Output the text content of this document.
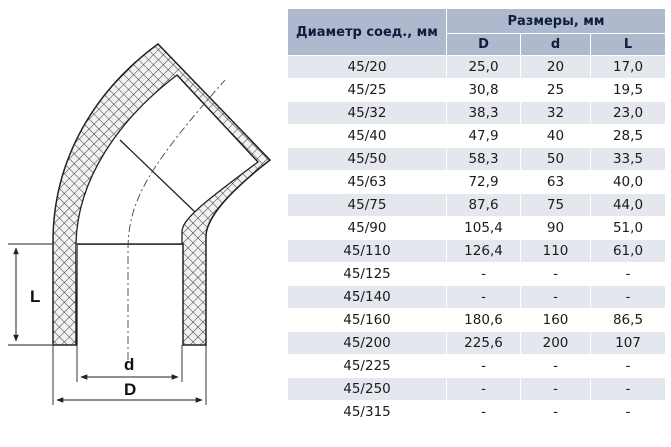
L
d
D
Диаметр соед., мм	Размеры, мм		
	D	d	L
45/20	25,0	20	17,0
45/25	30,8	25	19,5
45/32	38,3	32	23,0
45/40	47,9	40	28,5
45/50	58,3	50	33,5
45/63	72,9	63	40,0
45/75	87,6	75	44,0
45/90	105,4	90	51,0
45/110	126,4	110	61,0
45/125	-	-	-
45/140	-	-	-
45/160	180,6	160	86,5
45/200	225,6	200	107
45/225	-	-	-
45/250	-	-	-
45/315	-	-	-
